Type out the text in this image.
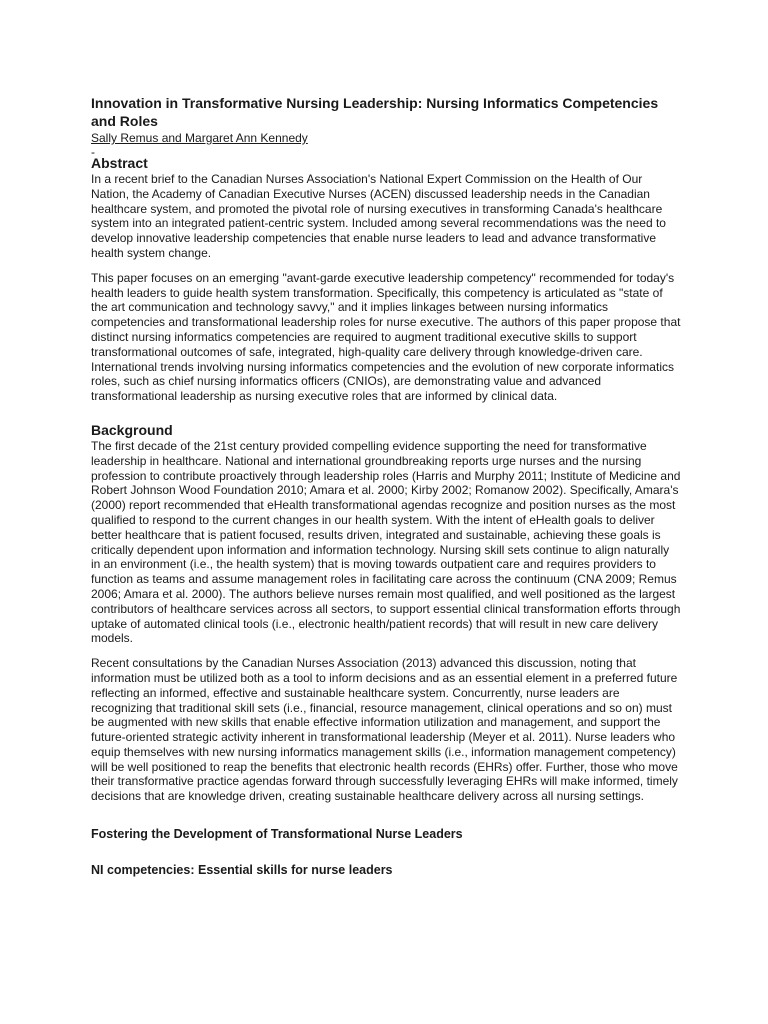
Innovation in Transformative Nursing Leadership: Nursing Informatics Competencies and Roles
Sally Remus and Margaret Ann Kennedy
-
Abstract

In a recent brief to the Canadian Nurses Association's National Expert Commission on the Health of Our Nation, the Academy of Canadian Executive Nurses (ACEN) discussed leadership needs in the Canadian healthcare system, and promoted the pivotal role of nursing executives in transforming Canada's healthcare system into an integrated patient-centric system. Included among several recommendations was the need to develop innovative leadership competencies that enable nurse leaders to lead and advance transformative health system change.

This paper focuses on an emerging "avant-garde executive leadership competency" recommended for today's health leaders to guide health system transformation. Specifically, this competency is articulated as "state of the art communication and technology savvy," and it implies linkages between nursing informatics competencies and transformational leadership roles for nurse executive. The authors of this paper propose that distinct nursing informatics competencies are required to augment traditional executive skills to support transformational outcomes of safe, integrated, high-quality care delivery through knowledge-driven care. International trends involving nursing informatics competencies and the evolution of new corporate informatics roles, such as chief nursing informatics officers (CNIOs), are demonstrating value and advanced transformational leadership as nursing executive roles that are informed by clinical data.

Background

The first decade of the 21st century provided compelling evidence supporting the need for transformative leadership in healthcare. National and international groundbreaking reports urge nurses and the nursing profession to contribute proactively through leadership roles (Harris and Murphy 2011; Institute of Medicine and Robert Johnson Wood Foundation 2010; Amara et al. 2000; Kirby 2002; Romanow 2002). Specifically, Amara's (2000) report recommended that eHealth transformational agendas recognize and position nurses as the most qualified to respond to the current changes in our health system. With the intent of eHealth goals to deliver better healthcare that is patient focused, results driven, integrated and sustainable, achieving these goals is critically dependent upon information and information technology. Nursing skill sets continue to align naturally in an environment (i.e., the health system) that is moving towards outpatient care and requires providers to function as teams and assume management roles in facilitating care across the continuum (CNA 2009; Remus 2006; Amara et al. 2000). The authors believe nurses remain most qualified, and well positioned as the largest contributors of healthcare services across all sectors, to support essential clinical transformation efforts through uptake of automated clinical tools (i.e., electronic health/patient records) that will result in new care delivery models.

Recent consultations by the Canadian Nurses Association (2013) advanced this discussion, noting that information must be utilized both as a tool to inform decisions and as an essential element in a preferred future reflecting an informed, effective and sustainable healthcare system. Concurrently, nurse leaders are recognizing that traditional skill sets (i.e., financial, resource management, clinical operations and so on) must be augmented with new skills that enable effective information utilization and management, and support the future-oriented strategic activity inherent in transformational leadership (Meyer et al. 2011). Nurse leaders who equip themselves with new nursing informatics management skills (i.e., information management competency) will be well positioned to reap the benefits that electronic health records (EHRs) offer. Further, those who move their transformative practice agendas forward through successfully leveraging EHRs will make informed, timely decisions that are knowledge driven, creating sustainable healthcare delivery across all nursing settings.

Fostering the Development of Transformational Nurse Leaders
NI competencies: Essential skills for nurse leaders
